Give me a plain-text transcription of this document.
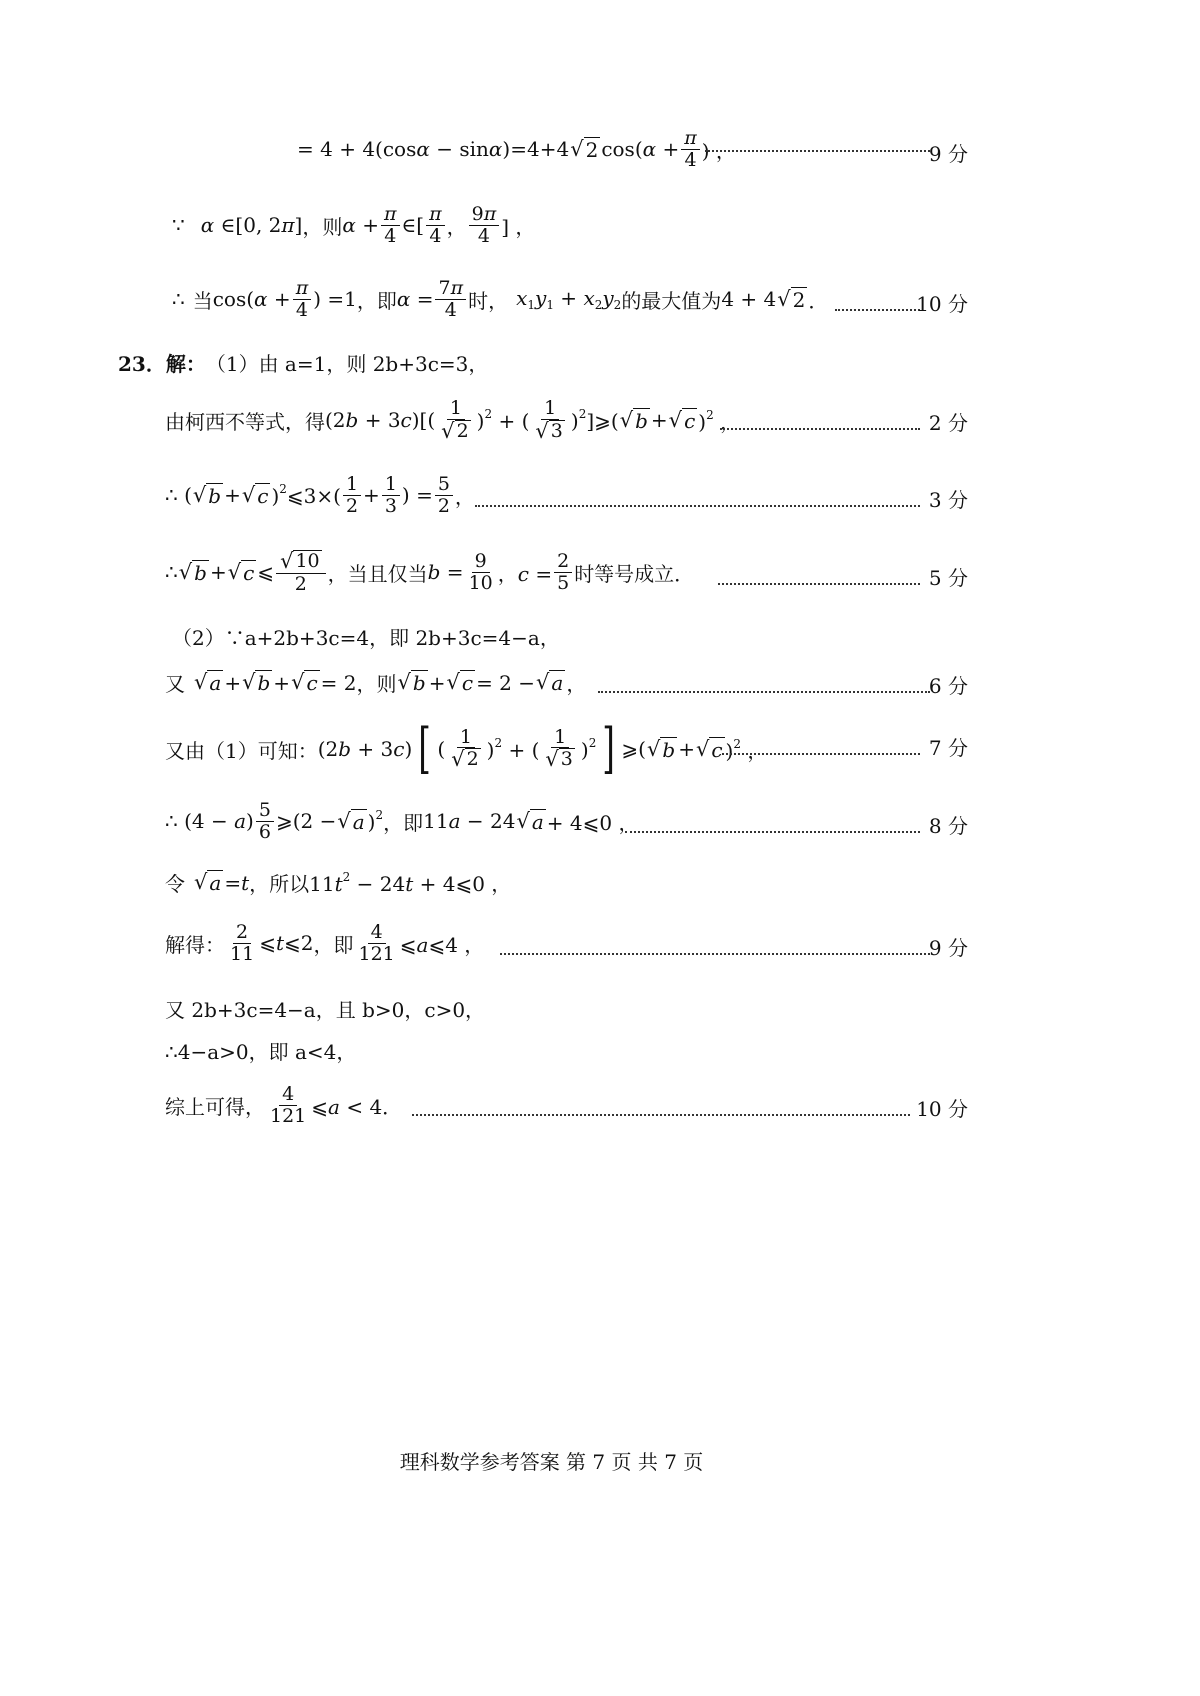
= 4 + 4(cosα − sinα)=4+4 √ 2 $\cos(\alpha + \frac{\pi}{4}$ ) ，	9 分
∵ α ∈[0, 2π] ，则 $\alpha + \frac{\pi}{4}$ ∈[ $\frac{\pi}{4}$ ， $\frac{9\pi}{4}$ ] ，
∴ 当 $\cos(\alpha + \frac{\pi}{4}$ ) =1 ，即 $\alpha = \frac{7\pi}{4}$ 时， $x_1y_1 + x_2y_2$ 的最大值为 4 + 4 √ 2 ．	10 分
23． 解： （1）由 a=1，则 2b+3c=3，
由柯西不等式，得 $(2b + 3c)[( \frac{1}{√ 2} )^2$ + ( $\frac{1}{√ 3}$ )$^2$]⩾( √ b + √ c )$^2$ ，	2 分
∴ ( √ b + √ c )$^2$⩽3×( $\frac{1}{2} + \frac{1}{3}$ ) = $\frac{5}{2}$ ，	3 分
∴ √ b + √ c ⩽ $\frac{√ 10}{2}$ ，当且仅当 $b = \frac{9}{10}$ ，$c = \frac{2}{5}$ 时等号成立．	5 分
（2）∵a+2b+3c=4，即 2b+3c=4−a，
又 √ a + √ b + √ c = 2 ，则 √ b + √ c = 2 − √ a ，	6 分
又由（1）可知： (2b + 3c) [ ( $\frac{1}{√ 2} )^2$ + ( $\frac{1}{√ 3} )^2$ ] ⩾( √ b + √ c )$^2$ ，	7 分
∴ $(4 - a) \frac{5}{6}$ ⩾(2 − √ a )$^2$ ，即 11a − 24 √ a + 4⩽0 ，	8 分
令 √ a =t ，所以 $11t^2 - 24t$ + 4⩽0 ，
解得： $\frac{2}{11}$ ⩽t⩽2 ，即 $\frac{4}{121}$ ⩽a⩽4 ，	9 分
又 2b+3c=4−a，且 b>0，c>0，
∴4−a>0，即 a<4，
综上可得， $\frac{4}{121}$ ⩽a < 4．	10 分
理科数学参考答案 第 7 页 共 7 页
